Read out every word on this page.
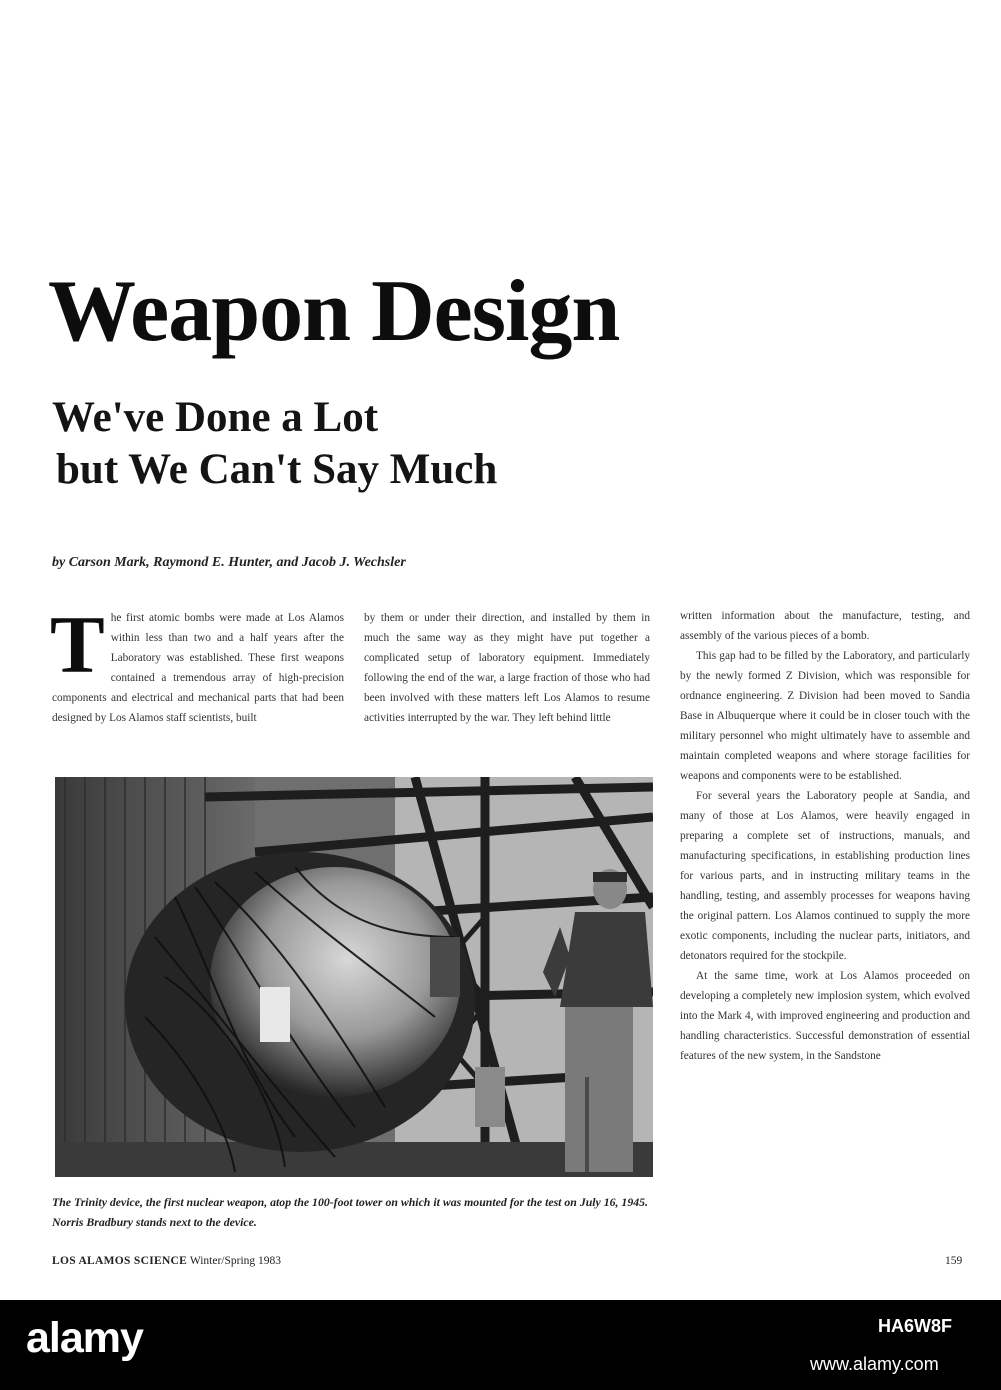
Weapon Design
We've Done a Lot
but We Can't Say Much
by Carson Mark, Raymond E. Hunter, and Jacob J. Wechsler
T he first atomic bombs were made at Los Alamos within less than two and a half years after the Laboratory was established. These first weapons contained a tremendous array of high-precision components and electrical and mechanical parts that had been designed by Los Alamos staff scientists, built

by them or under their direction, and installed by them in much the same way as they might have put together a complicated setup of laboratory equipment. Immediately following the end of the war, a large fraction of those who had been involved with these matters left Los Alamos to resume activities interrupted by the war. They left behind little

written information about the manufacture, testing, and assembly of the various pieces of a bomb.

This gap had to be filled by the Laboratory, and particularly by the newly formed Z Division, which was responsible for ordnance engineering. Z Division had been moved to Sandia Base in Albuquerque where it could be in closer touch with the military personnel who might ultimately have to assemble and maintain completed weapons and where storage facilities for weapons and components were to be established.

For several years the Laboratory people at Sandia, and many of those at Los Alamos, were heavily engaged in preparing a complete set of instructions, manuals, and manufacturing specifications, in establishing production lines for various parts, and in instructing military teams in the handling, testing, and assembly processes for weapons having the original pattern. Los Alamos continued to supply the more exotic components, including the nuclear parts, initiators, and detonators required for the stockpile.

At the same time, work at Los Alamos proceeded on developing a completely new implosion system, which evolved into the Mark 4, with improved engineering and production and handling characteristics. Successful demonstration of essential features of the new system, in the Sandstone

The Trinity device, the first nuclear weapon, atop the 100-foot tower on which it was mounted for the test on July 16, 1945. Norris Bradbury stands next to the device.
LOS ALAMOS SCIENCE Winter/Spring 1983	159
alamy	HA6W8F
www.alamy.com
